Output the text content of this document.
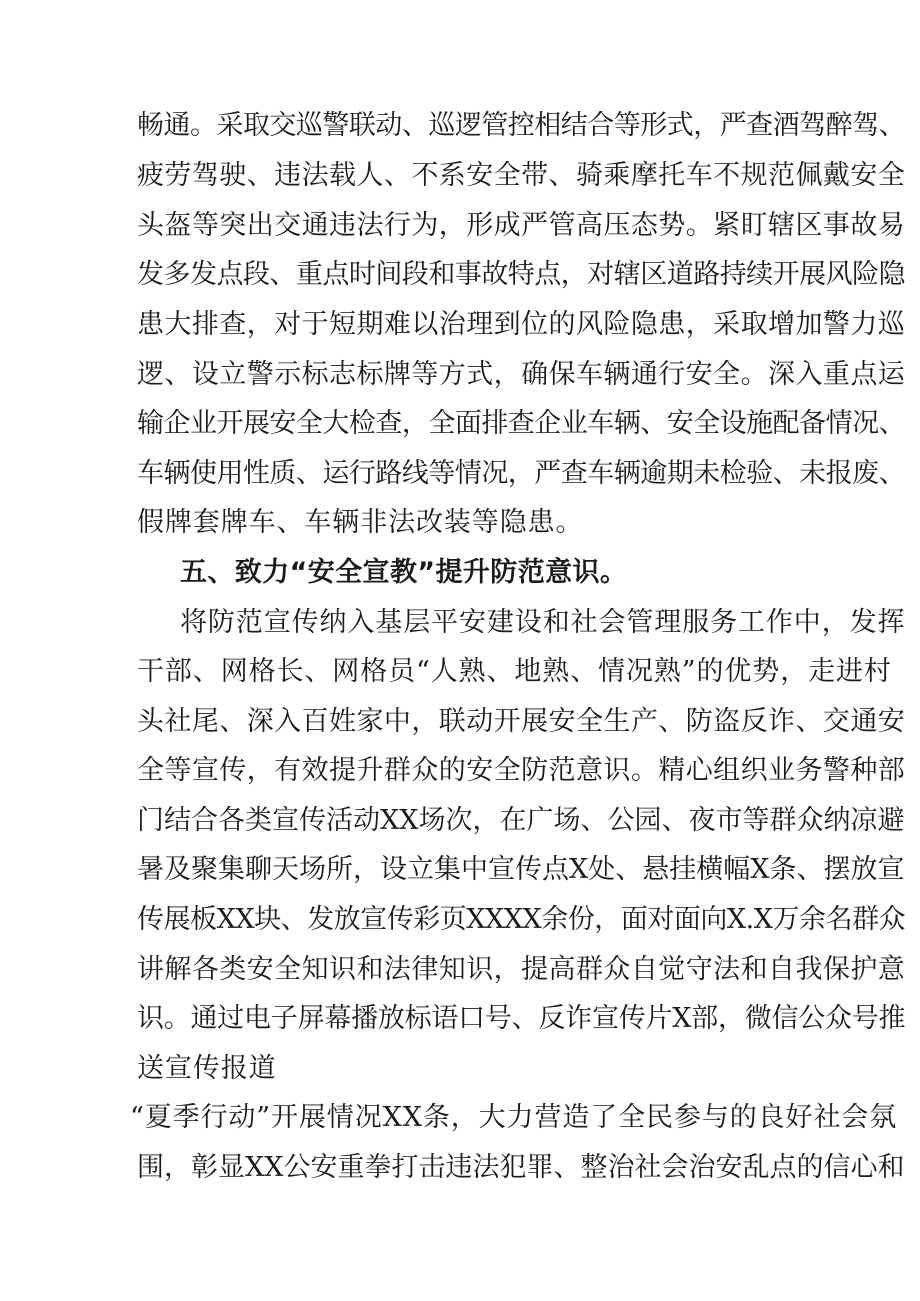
畅通。采取交巡警联动、巡逻管控相结合等形式，严查酒驾醉驾、

疲劳驾驶、违法载人、不系安全带、骑乘摩托车不规范佩戴安全

头盔等突出交通违法行为，形成严管高压态势。紧盯辖区事故易

发多发点段、重点时间段和事故特点，对辖区道路持续开展风险隐

患大排查，对于短期难以治理到位的风险隐患，采取增加警力巡

逻、设立警示标志标牌等方式，确保车辆通行安全。深入重点运

输企业开展安全大检查，全面排查企业车辆、安全设施配备情况、

车辆使用性质、运行路线等情况，严查车辆逾期未检验、未报废、

假牌套牌车、车辆非法改装等隐患。

五、致力“安全宣教”提升防范意识。

将防范宣传纳入基层平安建设和社会管理服务工作中，发挥

干部、网格长、网格员“人熟、地熟、情况熟”的优势，走进村

头社尾、深入百姓家中，联动开展安全生产、防盗反诈、交通安

全等宣传，有效提升群众的安全防范意识。精心组织业务警种部

门结合各类宣传活动XX场次，在广场、公园、夜市等群众纳凉避

暑及聚集聊天场所，设立集中宣传点X处、悬挂横幅X条、摆放宣

传展板XX块、发放宣传彩页XXXX余份，面对面向X.X万余名群众

讲解各类安全知识和法律知识，提高群众自觉守法和自我保护意

识。通过电子屏幕播放标语口号、反诈宣传片X部，微信公众号推

送宣传报道

“夏季行动”开展情况XX条，大力营造了全民参与的良好社会氛

围，彰显XX公安重拳打击违法犯罪、整治社会治安乱点的信心和
